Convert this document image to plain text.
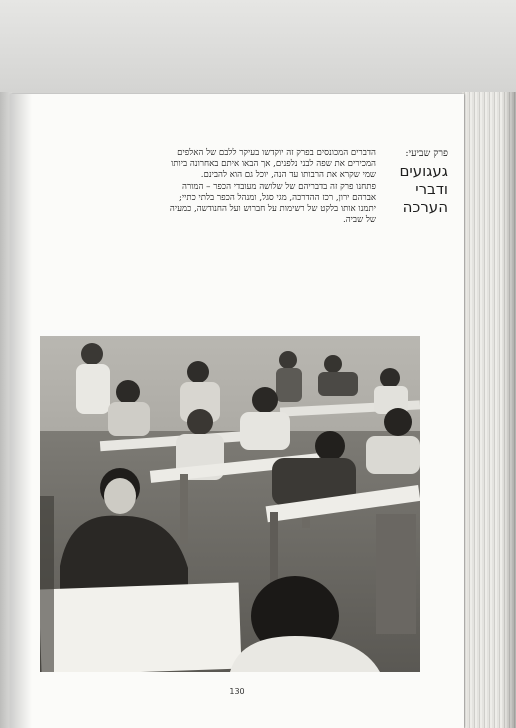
פרק שביעי:
געגועים
ודברי
הערכה
הדברים המכונסים בפרק זה יוקדשו בעיקר ללבם של האלפים
המכירים את שפה לבני נלפנים, אך הבאו איתם באחרונה ביותו
שמי שקרא את הרבותו עד הנה, יוכל גם הוא להבינם.
פתחנו פרק זה בדבריהם של שלושה מעובדי הכפר – המורה
אברהם ירון, רכז ההדרכה, מגי סגל, ומנהל הכפר בלתי כתיי;
יתמנו אותו בלקט של רשימות על חברוש ועל החנודשה, כמעיה
של שביה.
130
